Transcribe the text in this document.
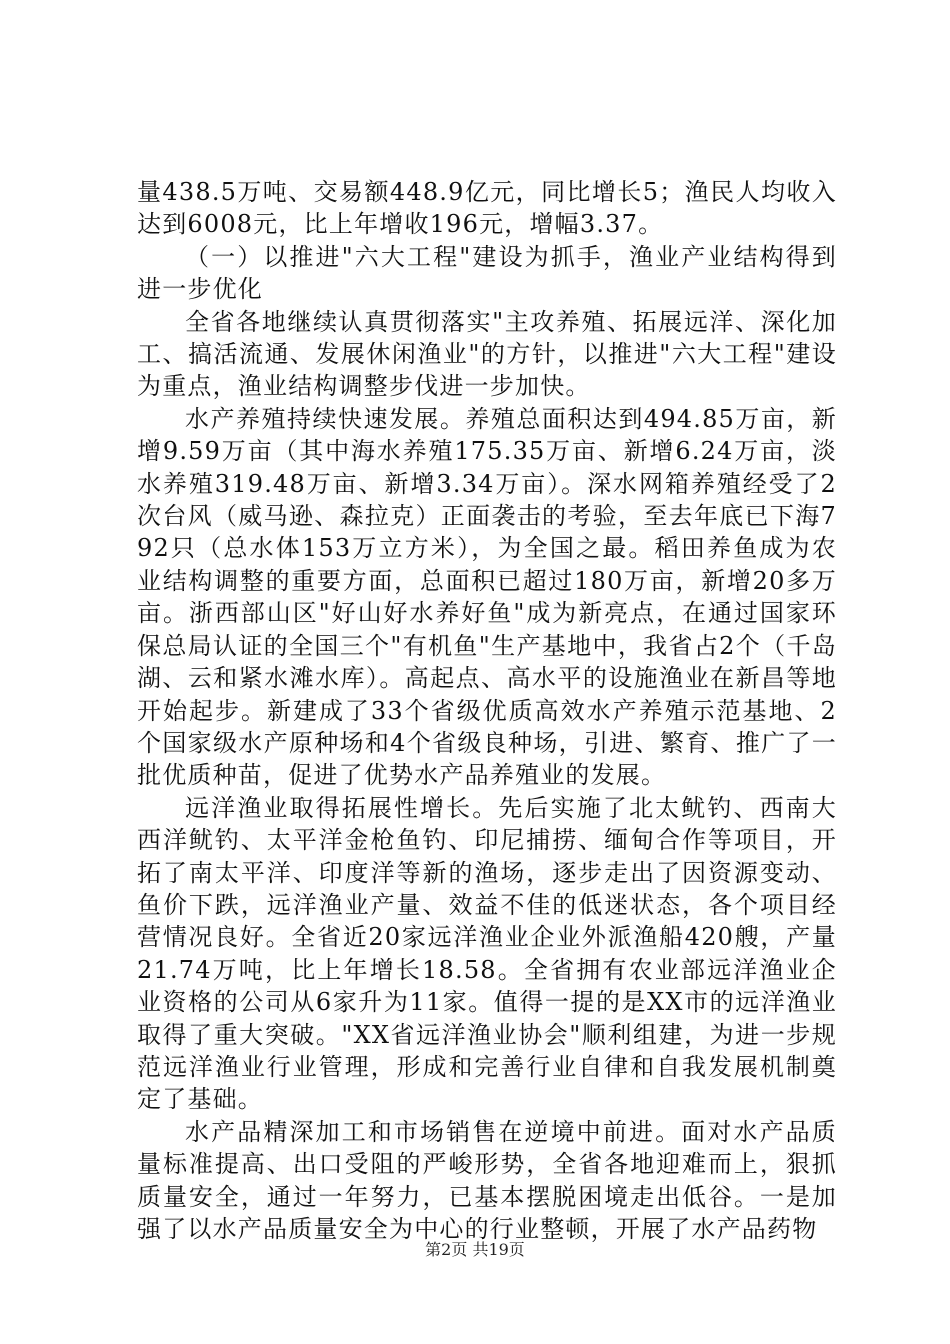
量438.5万吨、交易额448.9亿元，同比增长5；渔民人均收入达到6008元，比上年增收196元，增幅3.37。

（一）以推进"六大工程"建设为抓手，渔业产业结构得到进一步优化

全省各地继续认真贯彻落实"主攻养殖、拓展远洋、深化加工、搞活流通、发展休闲渔业"的方针，以推进"六大工程"建设为重点，渔业结构调整步伐进一步加快。

水产养殖持续快速发展。养殖总面积达到494.85万亩，新增9.59万亩（其中海水养殖175.35万亩、新增6.24万亩，淡水养殖319.48万亩、新增3.34万亩）。深水网箱养殖经受了2次台风（威马逊、森拉克）正面袭击的考验，至去年底已下海792只（总水体153万立方米），为全国之最。稻田养鱼成为农业结构调整的重要方面，总面积已超过180万亩，新增20多万亩。浙西部山区"好山好水养好鱼"成为新亮点，在通过国家环保总局认证的全国三个"有机鱼"生产基地中，我省占2个（千岛湖、云和紧水滩水库）。高起点、高水平的设施渔业在新昌等地开始起步。新建成了33个省级优质高效水产养殖示范基地、2个国家级水产原种场和4个省级良种场，引进、繁育、推广了一批优质种苗，促进了优势水产品养殖业的发展。

远洋渔业取得拓展性增长。先后实施了北太鱿钓、西南大西洋鱿钓、太平洋金枪鱼钓、印尼捕捞、缅甸合作等项目，开拓了南太平洋、印度洋等新的渔场，逐步走出了因资源变动、鱼价下跌，远洋渔业产量、效益不佳的低迷状态，各个项目经营情况良好。全省近20家远洋渔业企业外派渔船420艘，产量21.74万吨，比上年增长18.58。全省拥有农业部远洋渔业企业资格的公司从6家升为11家。值得一提的是XX市的远洋渔业取得了重大突破。"XX省远洋渔业协会"顺利组建，为进一步规范远洋渔业行业管理，形成和完善行业自律和自我发展机制奠定了基础。

水产品精深加工和市场销售在逆境中前进。面对水产品质量标准提高、出口受阻的严峻形势，全省各地迎难而上，狠抓质量安全，通过一年努力，已基本摆脱困境走出低谷。一是加强了以水产品质量安全为中心的行业整顿，开展了水产品药物

第2页 共19页
